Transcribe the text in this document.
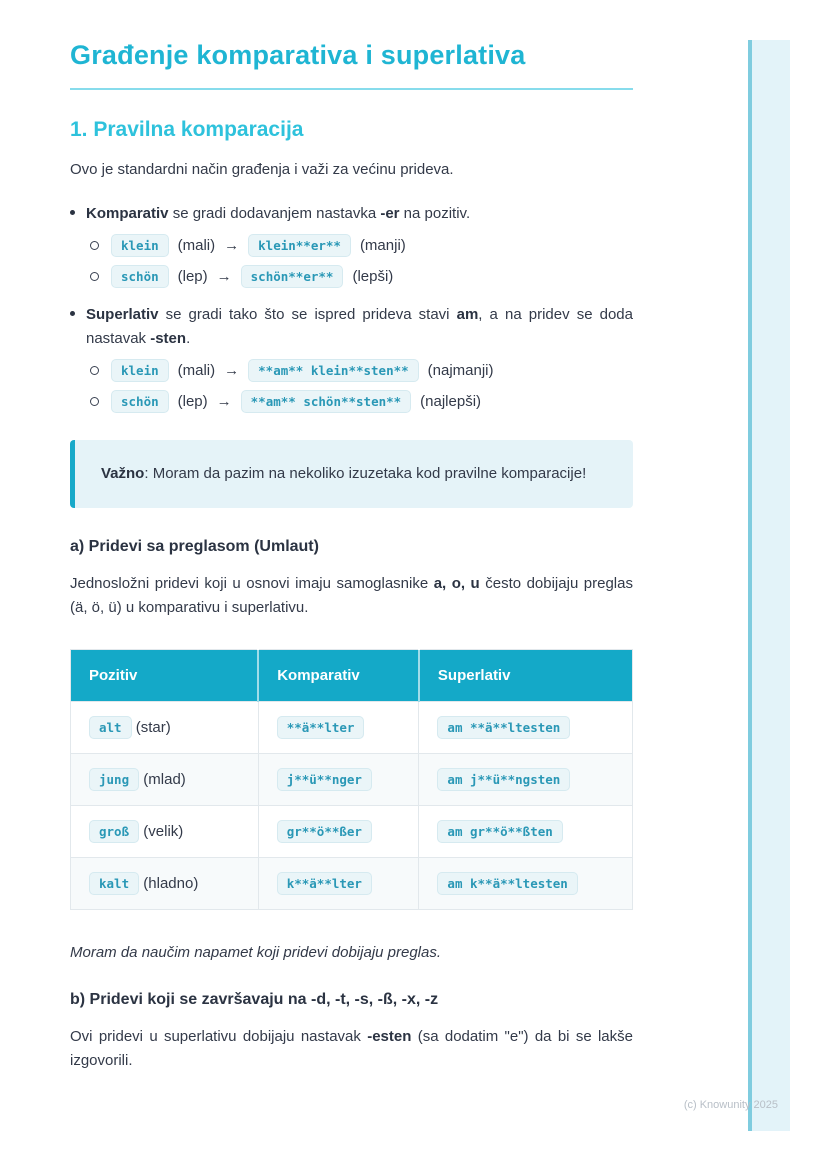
Građenje komparativa i superlativa
1. Pravilna komparacija

Ovo je standardni način građenja i važi za većinu prideva.

Komparativ se gradi dodavanjem nastavka -er na pozitiv.
klein	(mali) →	klein**er**	(manji)
schön	(lep) →	schön**er**	(lepši)
Superlativ se gradi tako što se ispred prideva stavi am, a na pridev se doda nastavak -sten.
klein	(mali) →	**am** klein**sten**	(najmanji)
schön	(lep) →	**am** schön**sten**	(najlepši)
Važno: Moram da pazim na nekoliko izuzetaka kod pravilne komparacije!
a) Pridevi sa preglasom (Umlaut)

Jednosložni pridevi koji u osnovi imaju samoglasnike a, o, u često dobijaju preglas (ä, ö, ü) u komparativu i superlativu.

Pozitiv	Komparativ	Superlativ
alt (star)	**ä**lter	am **ä**ltesten
jung (mlad)	j**ü**nger	am j**ü**ngsten
groß (velik)	gr**ö**ßer	am gr**ö**ßten
kalt (hladno)	k**ä**lter	am k**ä**ltesten

Moram da naučim napamet koji pridevi dobijaju preglas.

b) Pridevi koji se završavaju na -d, -t, -s, -ß, -x, -z

Ovi pridevi u superlativu dobijaju nastavak -esten (sa dodatim "e") da bi se lakše izgovorili.

(c) Knowunity 2025
